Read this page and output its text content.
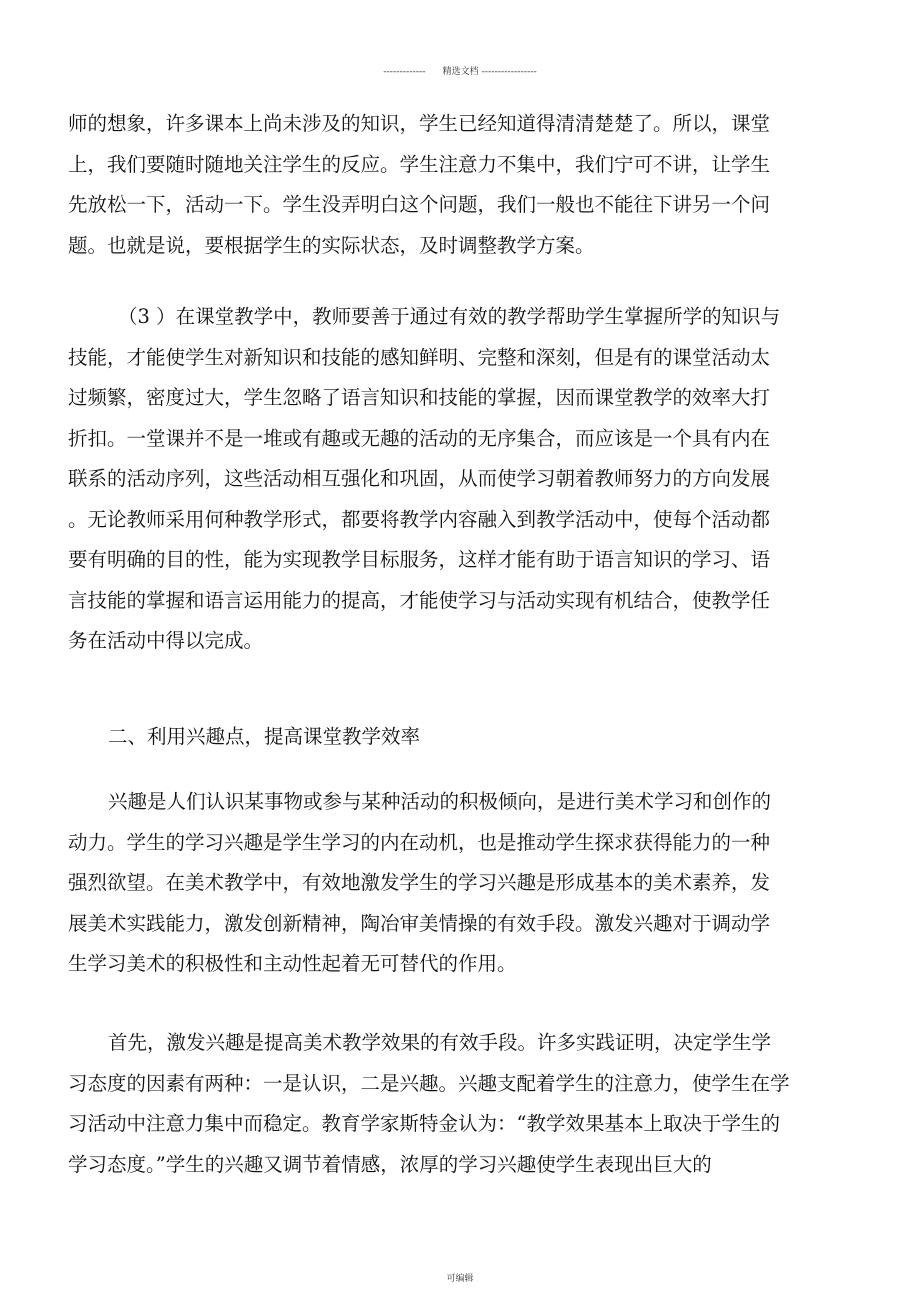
-------------      精选文档 -----------------
师的想象，许多课本上尚未涉及的知识，学生已经知道得清清楚楚了。所以，课堂
上，我们要随时随地关注学生的反应。学生注意力不集中，我们宁可不讲，让学生
先放松一下，活动一下。学生没弄明白这个问题，我们一般也不能往下讲另一个问
题。也就是说，要根据学生的实际状态，及时调整教学方案。
（3 ）在课堂教学中，教师要善于通过有效的教学帮助学生掌握所学的知识与
技能，才能使学生对新知识和技能的感知鲜明、完整和深刻，但是有的课堂活动太
过频繁，密度过大，学生忽略了语言知识和技能的掌握，因而课堂教学的效率大打
折扣。一堂课并不是一堆或有趣或无趣的活动的无序集合，而应该是一个具有内在
联系的活动序列，这些活动相互强化和巩固，从而使学习朝着教师努力的方向发展
。无论教师采用何种教学形式，都要将教学内容融入到教学活动中，使每个活动都
要有明确的目的性，能为实现教学目标服务，这样才能有助于语言知识的学习、语
言技能的掌握和语言运用能力的提高，才能使学习与活动实现有机结合，使教学任
务在活动中得以完成。
二、利用兴趣点，提高课堂教学效率
兴趣是人们认识某事物或参与某种活动的积极倾向，是进行美术学习和创作的
动力。学生的学习兴趣是学生学习的内在动机，也是推动学生探求获得能力的一种
强烈欲望。在美术教学中，有效地激发学生的学习兴趣是形成基本的美术素养，发
展美术实践能力，激发创新精神，陶冶审美情操的有效手段。激发兴趣对于调动学
生学习美术的积极性和主动性起着无可替代的作用。
首先，激发兴趣是提高美术教学效果的有效手段。许多实践证明，决定学生学
习态度的因素有两种：一是认识，二是兴趣。兴趣支配着学生的注意力，使学生在学
习活动中注意力集中而稳定。教育学家斯特金认为：“教学效果基本上取决于学生的
学习态度。”学生的兴趣又调节着情感，浓厚的学习兴趣使学生表现出巨大的
可编辑
